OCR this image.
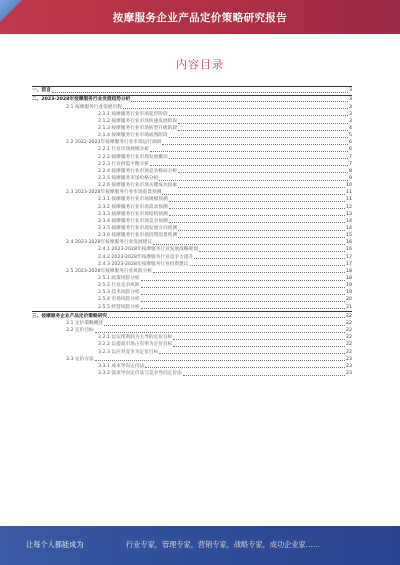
按摩服务企业产品定价策略研究报告
内容目录
一、前言	3
二、2023-2028年按摩服务行业发展趋势分析	3
2.1 按摩服务行业发展历程	3
2.1.1 按摩服务行业市场起步阶段	3
2.1.2 按摩服务行业市场快速发展阶段	3
2.1.3 按摩服务行业市场转型升级阶段	4
2.1.4 按摩服务行业市场成熟阶段	5
2.2 2022-2023年按摩服务行业市场运行调研	6
2.2.1 行业市场规模分析	6
2.2.2 按摩服务行业市场发展概况	7
2.2.3 行业供需平衡分析	7
2.2.4 按摩服务行业市场竞争格局分析	8
2.2.5 按摩服务市场价格分析	9
2.2.6 按摩服务行业市场关键成功因素	10
2.3 2023-2028年按摩服务行业市场前景预测	11
2.3.1 按摩服务行业市场规模预测	11
2.3.2 按摩服务行业市场需求预测	12
2.3.3 按摩服务行业市场结构预测	13
2.3.4 按摩服务行业市场竞争预测	14
2.3.5 按摩服务行业市场发展方向预测	14
2.3.6 按摩服务行业市场投资前景预测	15
2.4 2023-2028年按摩服务行业发展建议	16
2.4.1 2023-2028年按摩服务行业发展战略规划	16
2.4.2 2023-2028年按摩服务行业竞争力提升	17
2.4.3 2023-2028年按摩服务行业投资建议	17
2.5 2023-2028年按摩服务行业风险分析	18
2.5.1 政策风险分析	18
2.5.2 行业竞争风险	19
2.5.3 技术风险分析	19
2.5.4 市场风险分析	20
2.5.5 经营风险分析	21
三、按摩服务企业产品定价策略研究	22
3.1 定价策略概述	22
3.2 定价目标	22
3.2.1 以实现利润为主导的定价目标	22
3.2.2 以提高市场占有率为定价目标	22
3.2.3 以应对竞争为定价目标	22
3.3 定价方法	23
3.3.1 成本导向定价法	23
3.3.2 需求导向定价法与竞争导向定价法	23
让每个人都能成为	行业专家，管理专家，营销专家，战略专家，成功企业家……
